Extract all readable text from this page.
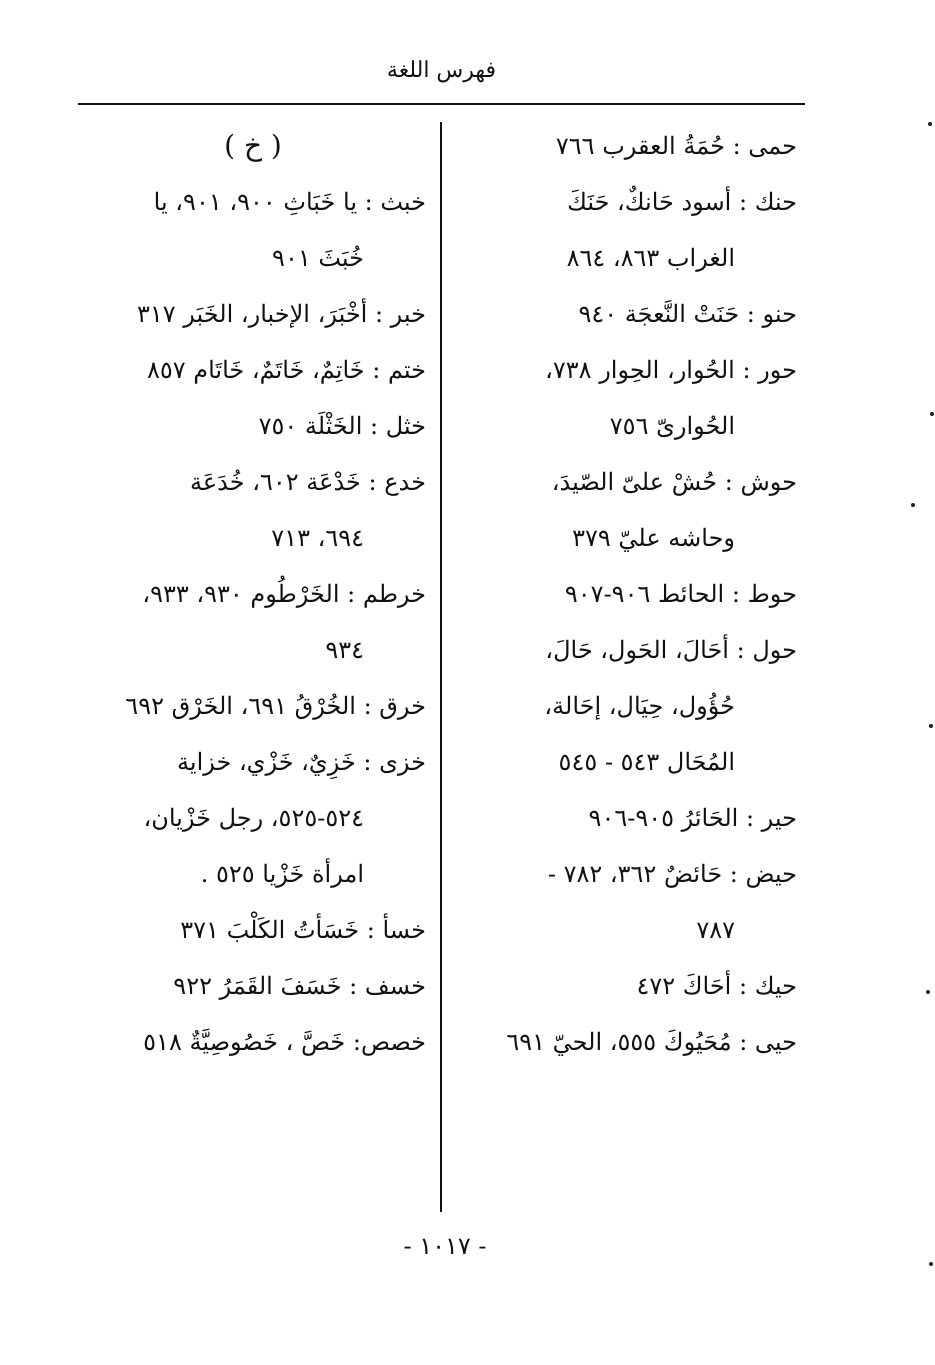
فهرس اللغة
حمى : حُمَةُ العقرب ٧٦٦
حنك : أسود حَانكٌ، حَنَكَ
الغراب ٨٦٣، ٨٦٤
حنو : حَنَتْ النَّعجَة ٩٤٠
حور : الحُوار، الحِوار ٧٣٨،
الحُوارىّ ٧٥٦
حوش : حُشْ علىّ الصّيدَ،
وحاشه عليّ ٣٧٩
حوط : الحائط ٩٠٦-٩٠٧
حول : أحَالَ، الحَول، حَالَ،
حُؤُول، حِيَال، إحَالة،
المُحَال ٥٤٣ - ٥٤٥
حير : الحَائرُ ٩٠٥-٩٠٦
حيض : حَائضٌ ٣٦٢، ٧٨٢ -
٧٨٧
حيك : أحَاكَ ٤٧٢
حيى : مُحَيُوكَ ٥٥٥، الحيّ ٦٩١
( خ )
خبث : يا خَبَاثِ ٩٠٠، ٩٠١، يا
خُبَثَ ٩٠١
خبر : أخْبَرَ، الإخبار، الخَبَر ٣١٧
ختم : خَاتِمٌ، خَاتَمٌ، خَاتَام ٨٥٧
خثل : الخَثْلَة ٧٥٠
خدع : خَدْعَة ٦٠٢، خُدَعَة
٦٩٤، ٧١٣
خرطم : الخَرْطُوم ٩٣٠، ٩٣٣،
٩٣٤
خرق : الخُرْقُ ٦٩١، الخَرْق ٦٩٢
خزى : خَزِيٌ، خَزْي، خزاية
٥٢٤-٥٢٥، رجل خَزْيان،
امرأة خَزْيا ٥٢٥ .
خسأ : خَسَأتُ الكَلْبَ ٣٧١
خسف : خَسَفَ القَمَرُ ٩٢٢
خصص: خَصَّ ، خَصُوصِيَّةٌ ٥١٨
- ١٠١٧ -
